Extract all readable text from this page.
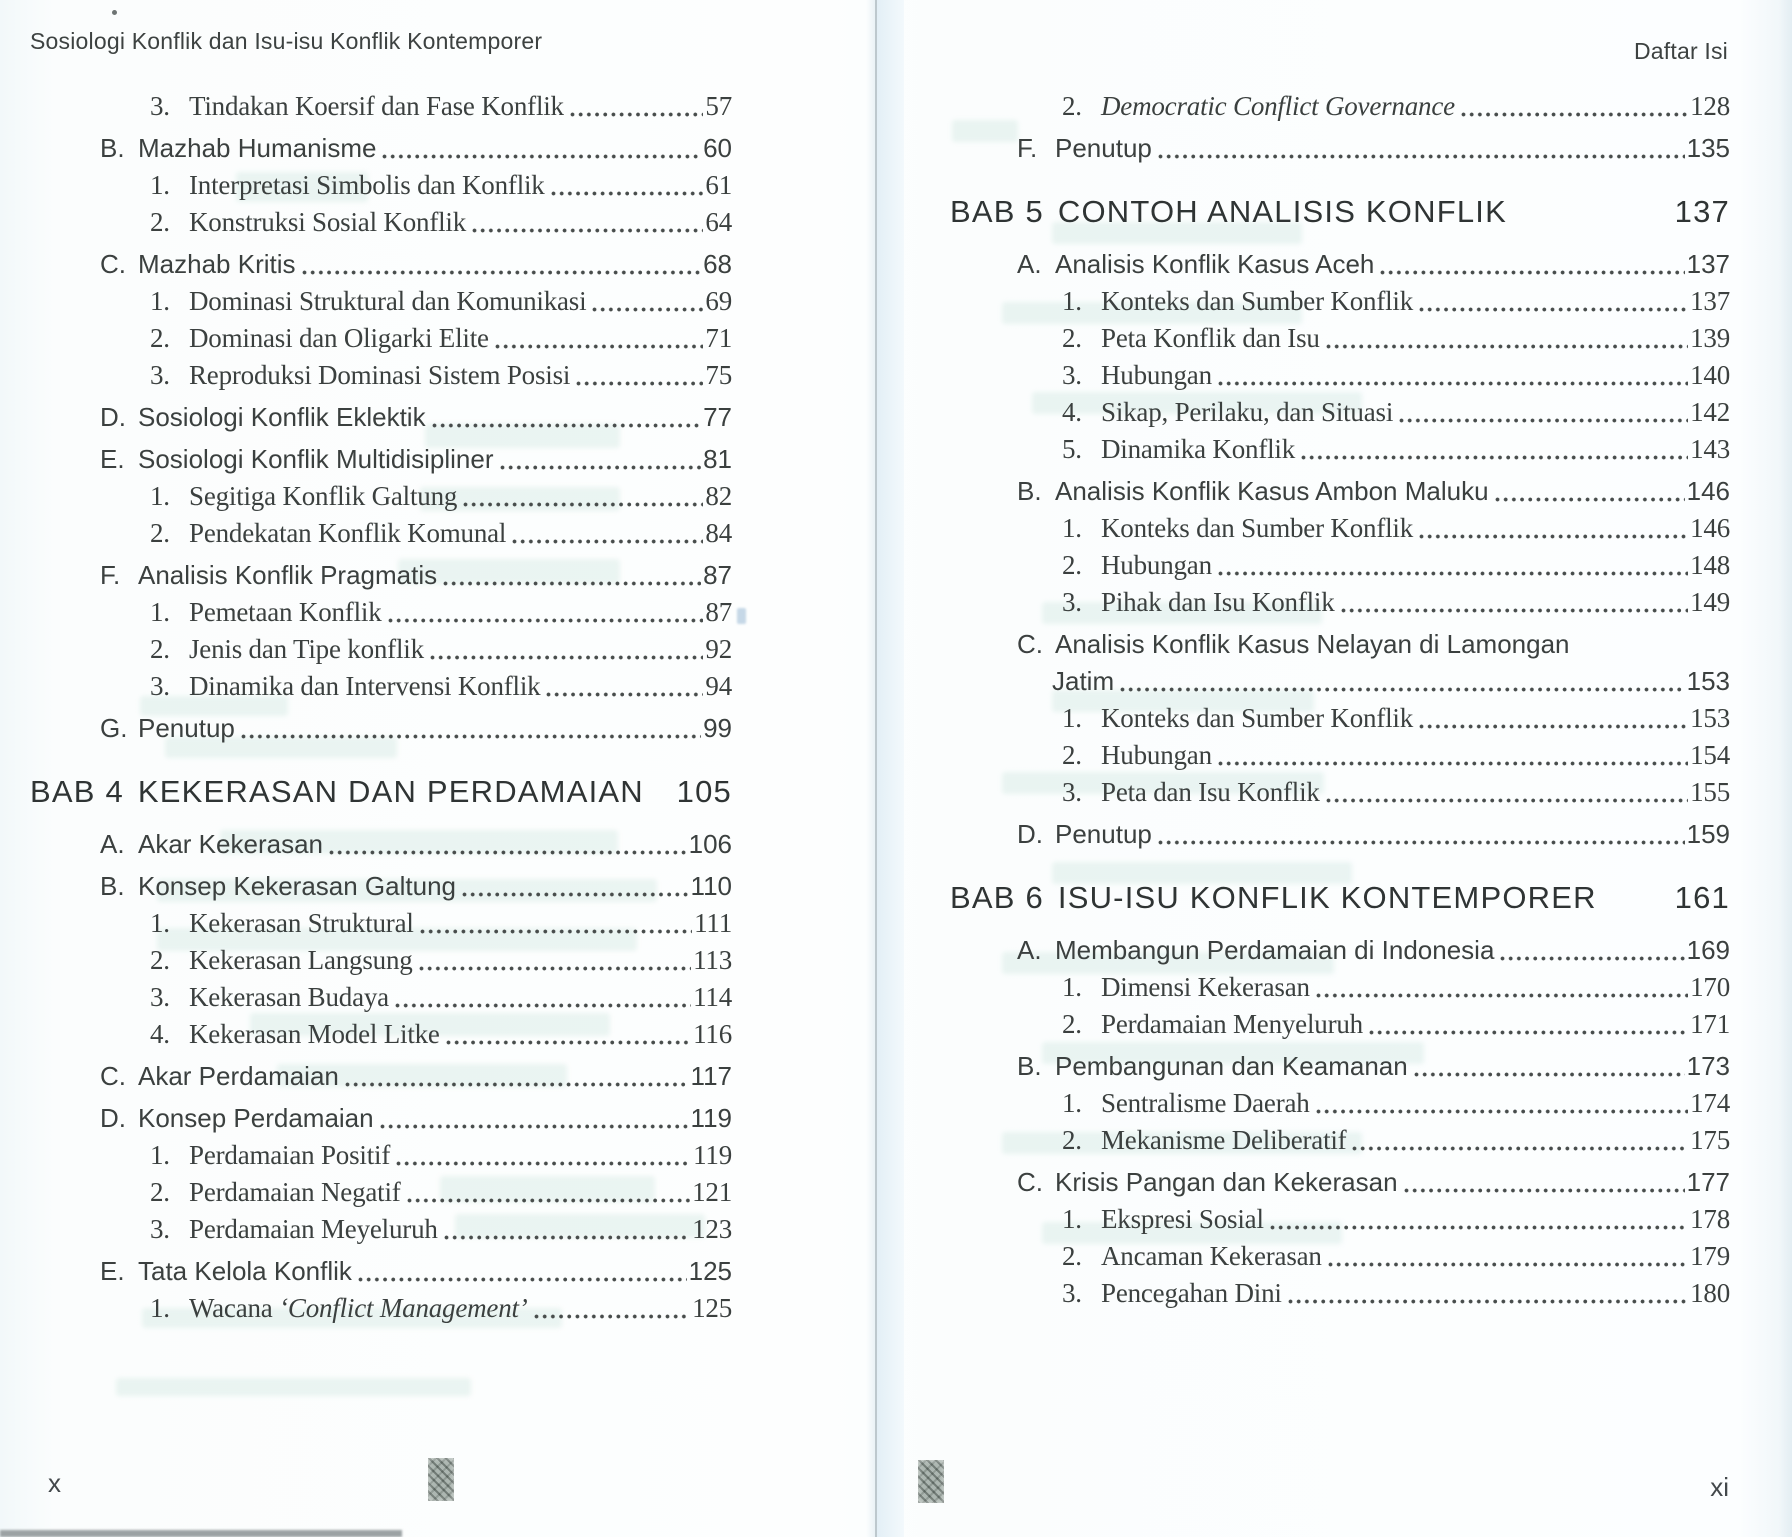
Sosiologi Konflik dan Isu-isu Konflik Kontemporer	Daftar Isi
3. Tindakan Koersif dan Fase Konflik	57
B. Mazhab Humanisme	60
1. Interpretasi Simbolis dan Konflik	61
2. Konstruksi Sosial Konflik	64
C. Mazhab Kritis	68
1. Dominasi Struktural dan Komunikasi	69
2. Dominasi dan Oligarki Elite	71
3. Reproduksi Dominasi Sistem Posisi	75
D. Sosiologi Konflik Eklektik	77
E. Sosiologi Konflik Multidisipliner	81
1. Segitiga Konflik Galtung	82
2. Pendekatan Konflik Komunal	84
F. Analisis Konflik Pragmatis	87
1. Pemetaan Konflik	87
2. Jenis dan Tipe konflik	92
3. Dinamika dan Intervensi Konflik	94
G. Penutup	99
BAB 4 KEKERASAN DAN PERDAMAIAN 105
A. Akar Kekerasan	106
B. Konsep Kekerasan Galtung	110
1. Kekerasan Struktural	111
2. Kekerasan Langsung	113
3. Kekerasan Budaya	114
4. Kekerasan Model Litke	116
C. Akar Perdamaian	117
D. Konsep Perdamaian	119
1. Perdamaian Positif	119
2. Perdamaian Negatif	121
3. Perdamaian Meyeluruh	123
E. Tata Kelola Konflik	125
1. Wacana ‘Conflict Management’	125
2. Democratic Conflict Governance	128
F. Penutup	135
BAB 5 CONTOH ANALISIS KONFLIK	137
A. Analisis Konflik Kasus Aceh	137
1. Konteks dan Sumber Konflik	137
2. Peta Konflik dan Isu	139
3. Hubungan	140
4. Sikap, Perilaku, dan Situasi	142
5. Dinamika Konflik	143
B. Analisis Konflik Kasus Ambon Maluku	146
1. Konteks dan Sumber Konflik	146
2. Hubungan	148
3. Pihak dan Isu Konflik	149
C. Analisis Konflik Kasus Nelayan di Lamongan
Jatim	153
1. Konteks dan Sumber Konflik	153
2. Hubungan	154
3. Peta dan Isu Konflik	155
D. Penutup	159
BAB 6 ISU-ISU KONFLIK KONTEMPORER	161
A. Membangun Perdamaian di Indonesia	169
1. Dimensi Kekerasan	170
2. Perdamaian Menyeluruh	171
B. Pembangunan dan Keamanan	173
1. Sentralisme Daerah	174
2. Mekanisme Deliberatif	175
C. Krisis Pangan dan Kekerasan	177
1. Ekspresi Sosial	178
2. Ancaman Kekerasan	179
3. Pencegahan Dini	180
x	xi
